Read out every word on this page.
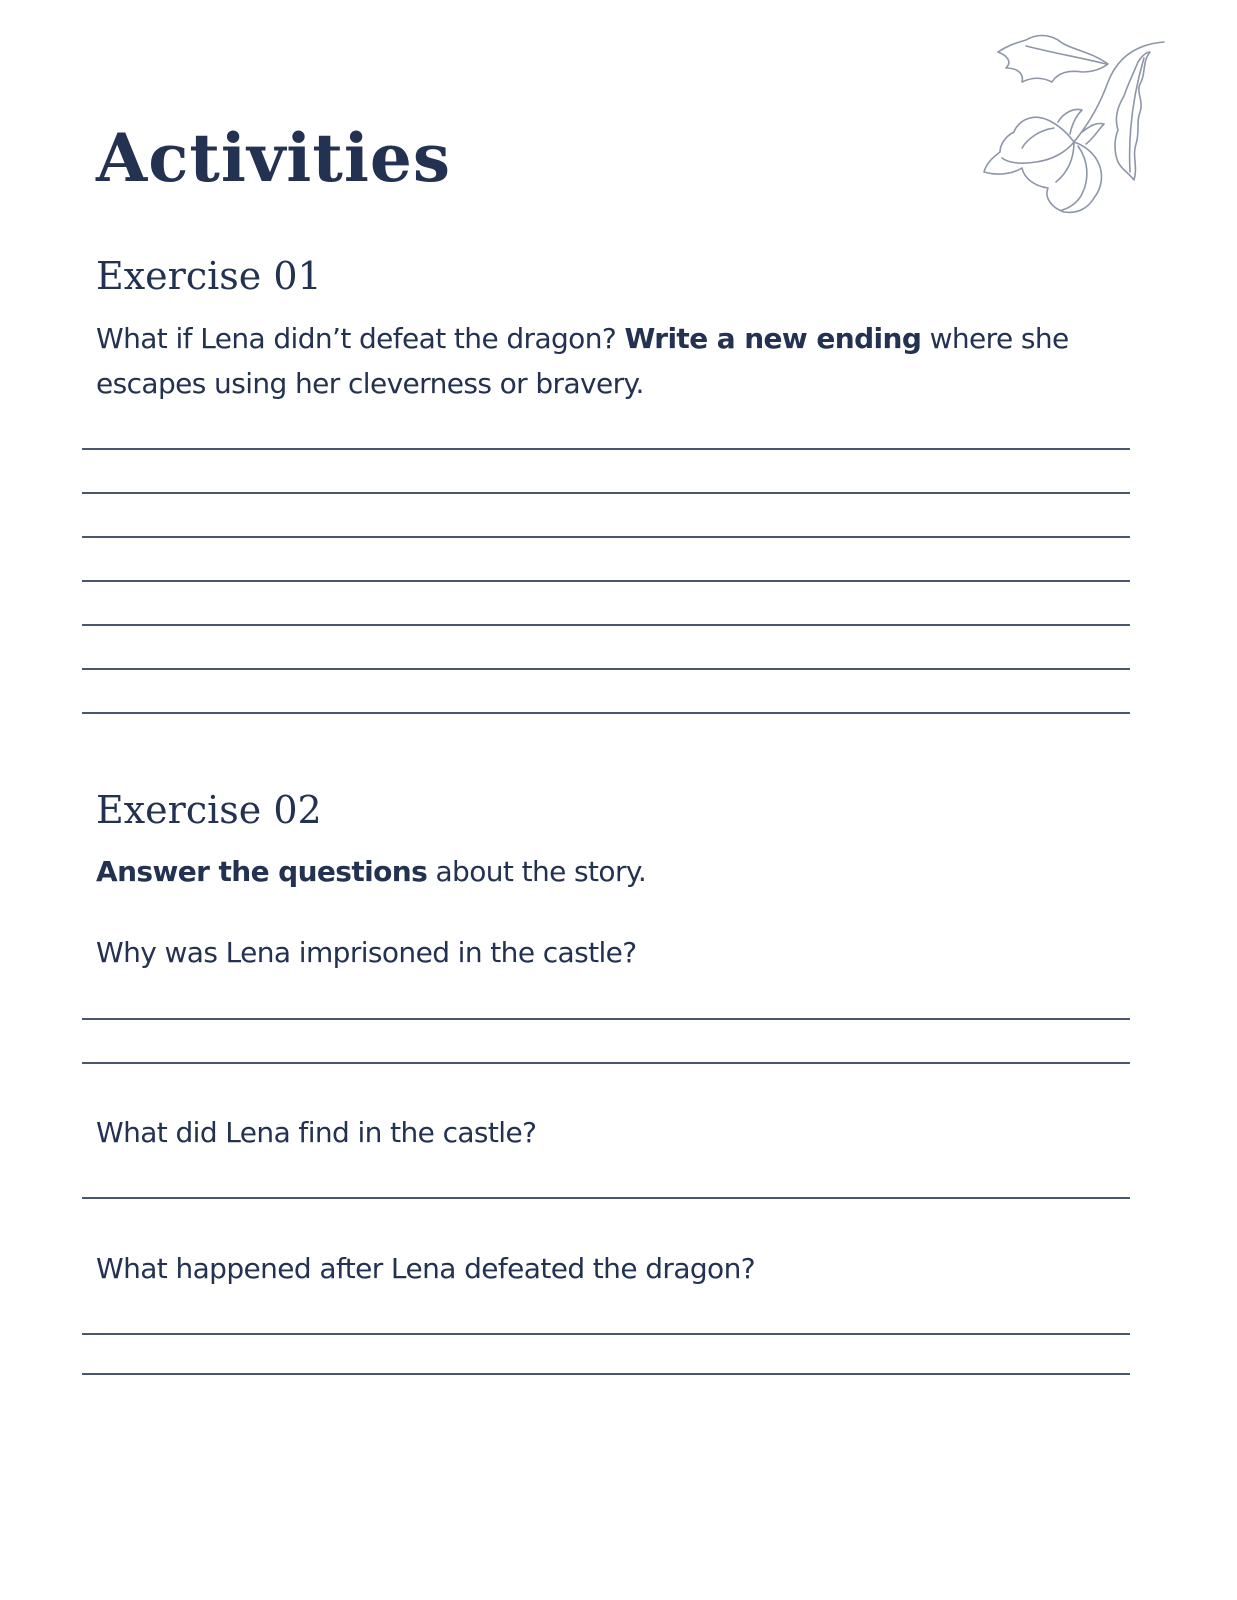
Activities
Exercise 01

What if Lena didn’t defeat the dragon? Write a new ending where she escapes using her cleverness or bravery.

Exercise 02

Answer the questions about the story.

Why was Lena imprisoned in the castle?

What did Lena find in the castle?

What happened after Lena defeated the dragon?
